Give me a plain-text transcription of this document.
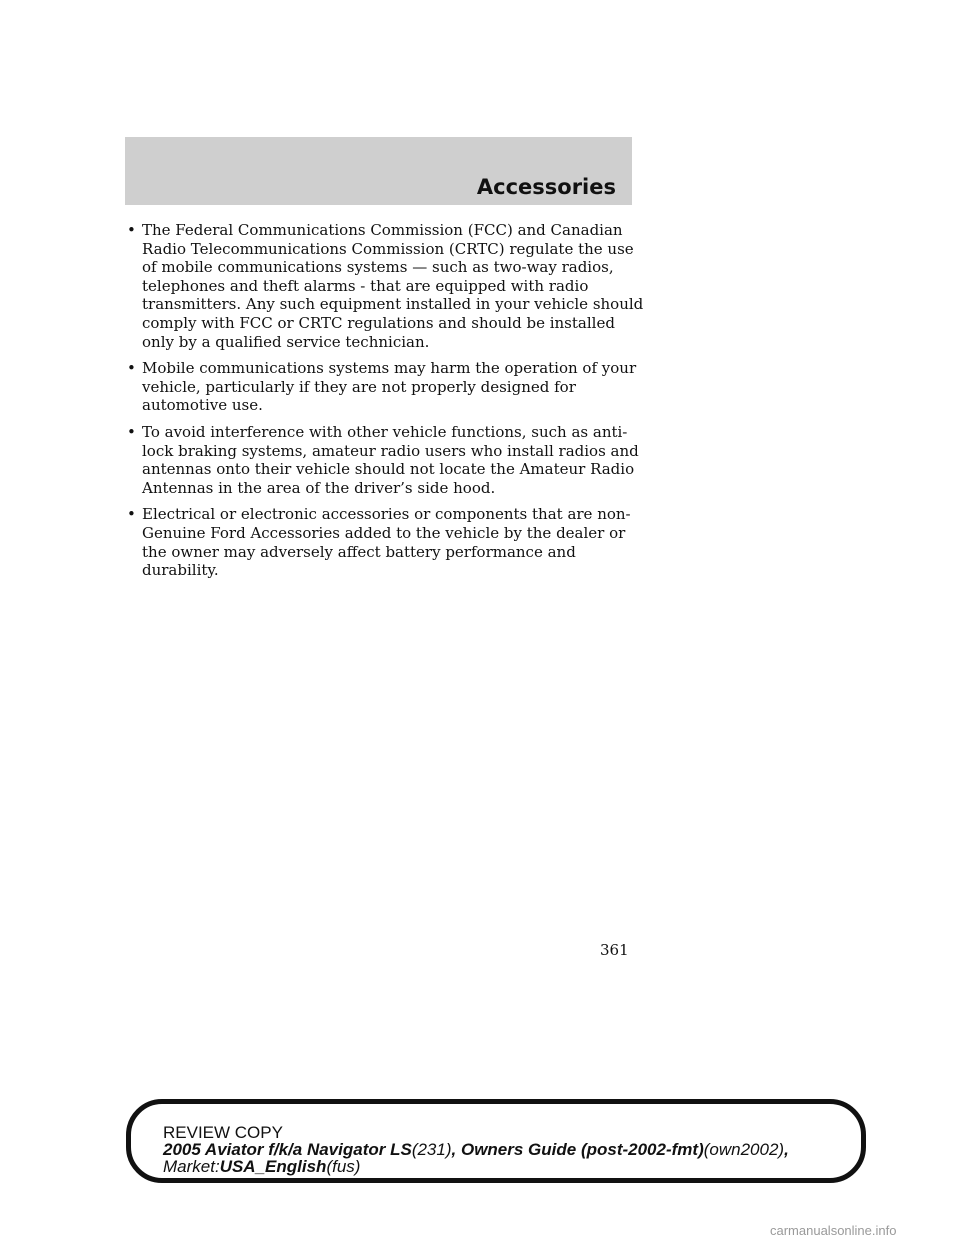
Accessories
• The Federal Communications Commission (FCC) and Canadian Radio Telecommunications Commission (CRTC) regulate the use of mobile communications systems — such as two-way radios, telephones and theft alarms - that are equipped with radio transmitters. Any such equipment installed in your vehicle should comply with FCC or CRTC regulations and should be installed only by a qualified service technician.
• Mobile communications systems may harm the operation of your vehicle, particularly if they are not properly designed for automotive use.
• To avoid interference with other vehicle functions, such as anti-lock braking systems, amateur radio users who install radios and antennas onto their vehicle should not locate the Amateur Radio Antennas in the area of the driver’s side hood.
• Electrical or electronic accessories or components that are non-Genuine Ford Accessories added to the vehicle by the dealer or the owner may adversely affect battery performance and durability.
361
REVIEW COPY
2005 Aviator f/k/a Navigator LS(231), Owners Guide (post-2002-fmt)(own2002),
Market:USA_English(fus)
carmanualsonline.info
